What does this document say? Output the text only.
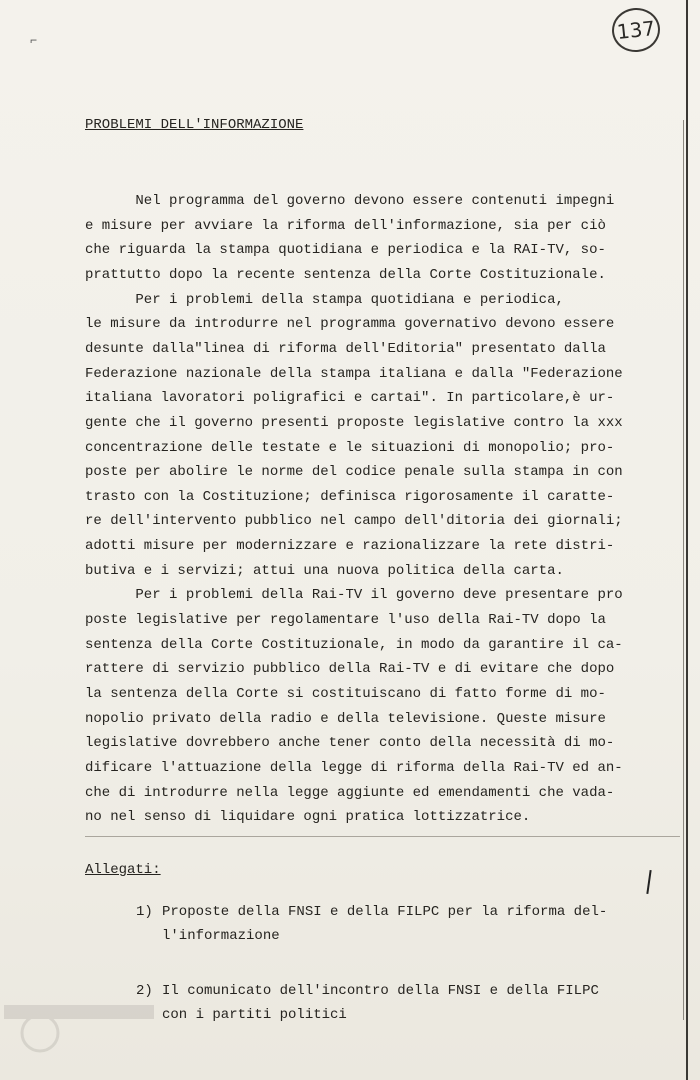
⌐	137
PROBLEMI DELL'INFORMAZIONE
Nel programma del governo devono essere contenuti impegni
e misure per avviare la riforma dell'informazione, sia per ciò
che riguarda la stampa quotidiana e periodica e la RAI-TV, so-
prattutto dopo la recente sentenza della Corte Costituzionale.
Per i problemi della stampa quotidiana e periodica,
le misure da introdurre nel programma governativo devono essere
desunte dalla"linea di riforma dell'Editoria" presentato dalla
Federazione nazionale della stampa italiana e dalla "Federazione
italiana lavoratori poligrafici e cartai". In particolare,è ur-
gente che il governo presenti proposte legislative contro la xxx
concentrazione delle testate e le situazioni di monopolio; pro-
poste per abolire le norme del codice penale sulla stampa in con
trasto con la Costituzione; definisca rigorosamente il caratte-
re dell'intervento pubblico nel campo dell'ditoria dei giornali;
adotti misure per modernizzare e razionalizzare la rete distri-
butiva e i servizi; attui una nuova politica della carta.
Per i problemi della Rai-TV il governo deve presentare pro
poste legislative per regolamentare l'uso della Rai-TV dopo la
sentenza della Corte Costituzionale, in modo da garantire il ca-
rattere di servizio pubblico della Rai-TV e di evitare che dopo
la sentenza della Corte si costituiscano di fatto forme di mo-
nopolio privato della radio e della televisione. Queste misure
legislative dovrebbero anche tener conto della necessità di mo-
dificare l'attuazione della legge di riforma della Rai-TV ed an-
che di introdurre nella legge aggiunte ed emendamenti che vada-
no nel senso di liquidare ogni pratica lottizzatrice.
Allegati:
1) Proposte della FNSI e della FILPC per la riforma del-
l'informazione
2) Il comunicato dell'incontro della FNSI e della FILPC
con i partiti politici
